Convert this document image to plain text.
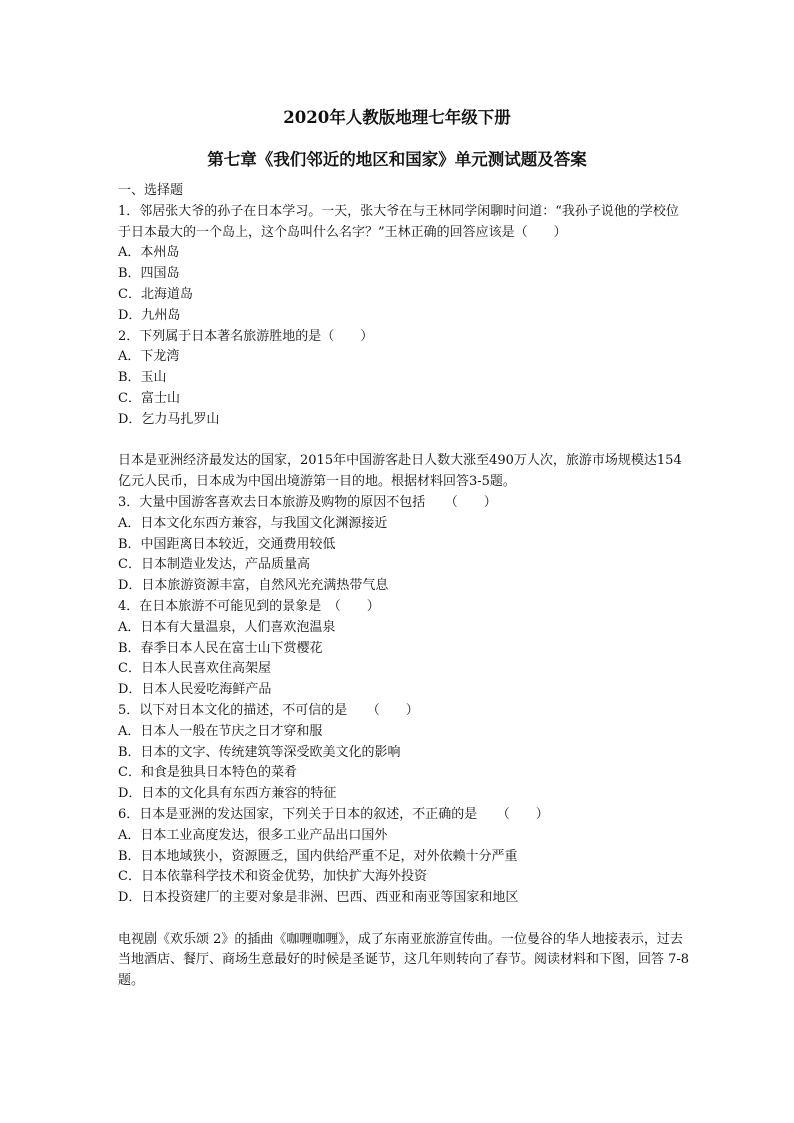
2020年人教版地理七年级下册
第七章《我们邻近的地区和国家》单元测试题及答案
一、选择题
1．邻居张大爷的孙子在日本学习。一天，张大爷在与王林同学闲聊时问道：“我孙子说他的学校位于日本最大的一个岛上，这个岛叫什么名字？”王林正确的回答应该是（　　）
A．本州岛
B．四国岛
C．北海道岛
D．九州岛
2．下列属于日本著名旅游胜地的是（　　）
A．下龙湾
B．玉山
C．富士山
D．乞力马扎罗山
日本是亚洲经济最发达的国家，2015年中国游客赴日人数大涨至490万人次，旅游市场规模达154亿元人民币，日本成为中国出境游第一目的地。根据材料回答3-5题。
3．大量中国游客喜欢去日本旅游及购物的原因不包括　　（　　）
A．日本文化东西方兼容，与我国文化渊源接近
B．中国距离日本较近，交通费用较低
C．日本制造业发达，产品质量高
D．日本旅游资源丰富，自然风光充满热带气息
4．在日本旅游不可能见到的景象是　（　　）
A．日本有大量温泉，人们喜欢泡温泉
B．春季日本人民在富士山下赏樱花
C．日本人民喜欢住高架屋
D．日本人民爱吃海鲜产品
5．以下对日本文化的描述，不可信的是　　（　　）
A．日本人一般在节庆之日才穿和服
B．日本的文字、传统建筑等深受欧美文化的影响
C．和食是独具日本特色的菜肴
D．日本的文化具有东西方兼容的特征
6．日本是亚洲的发达国家，下列关于日本的叙述，不正确的是　　（　　）
A．日本工业高度发达，很多工业产品出口国外
B．日本地域狭小，资源匮乏，国内供给严重不足，对外依赖十分严重
C．日本依靠科学技术和资金优势，加快扩大海外投资
D．日本投资建厂的主要对象是非洲、巴西、西亚和南亚等国家和地区
电视剧《欢乐颂 2》的插曲《咖喱咖喱》，成了东南亚旅游宣传曲。一位曼谷的华人地接表示，过去当地酒店、餐厅、商场生意最好的时候是圣诞节，这几年则转向了春节。阅读材料和下图，回答 7-8 题。
